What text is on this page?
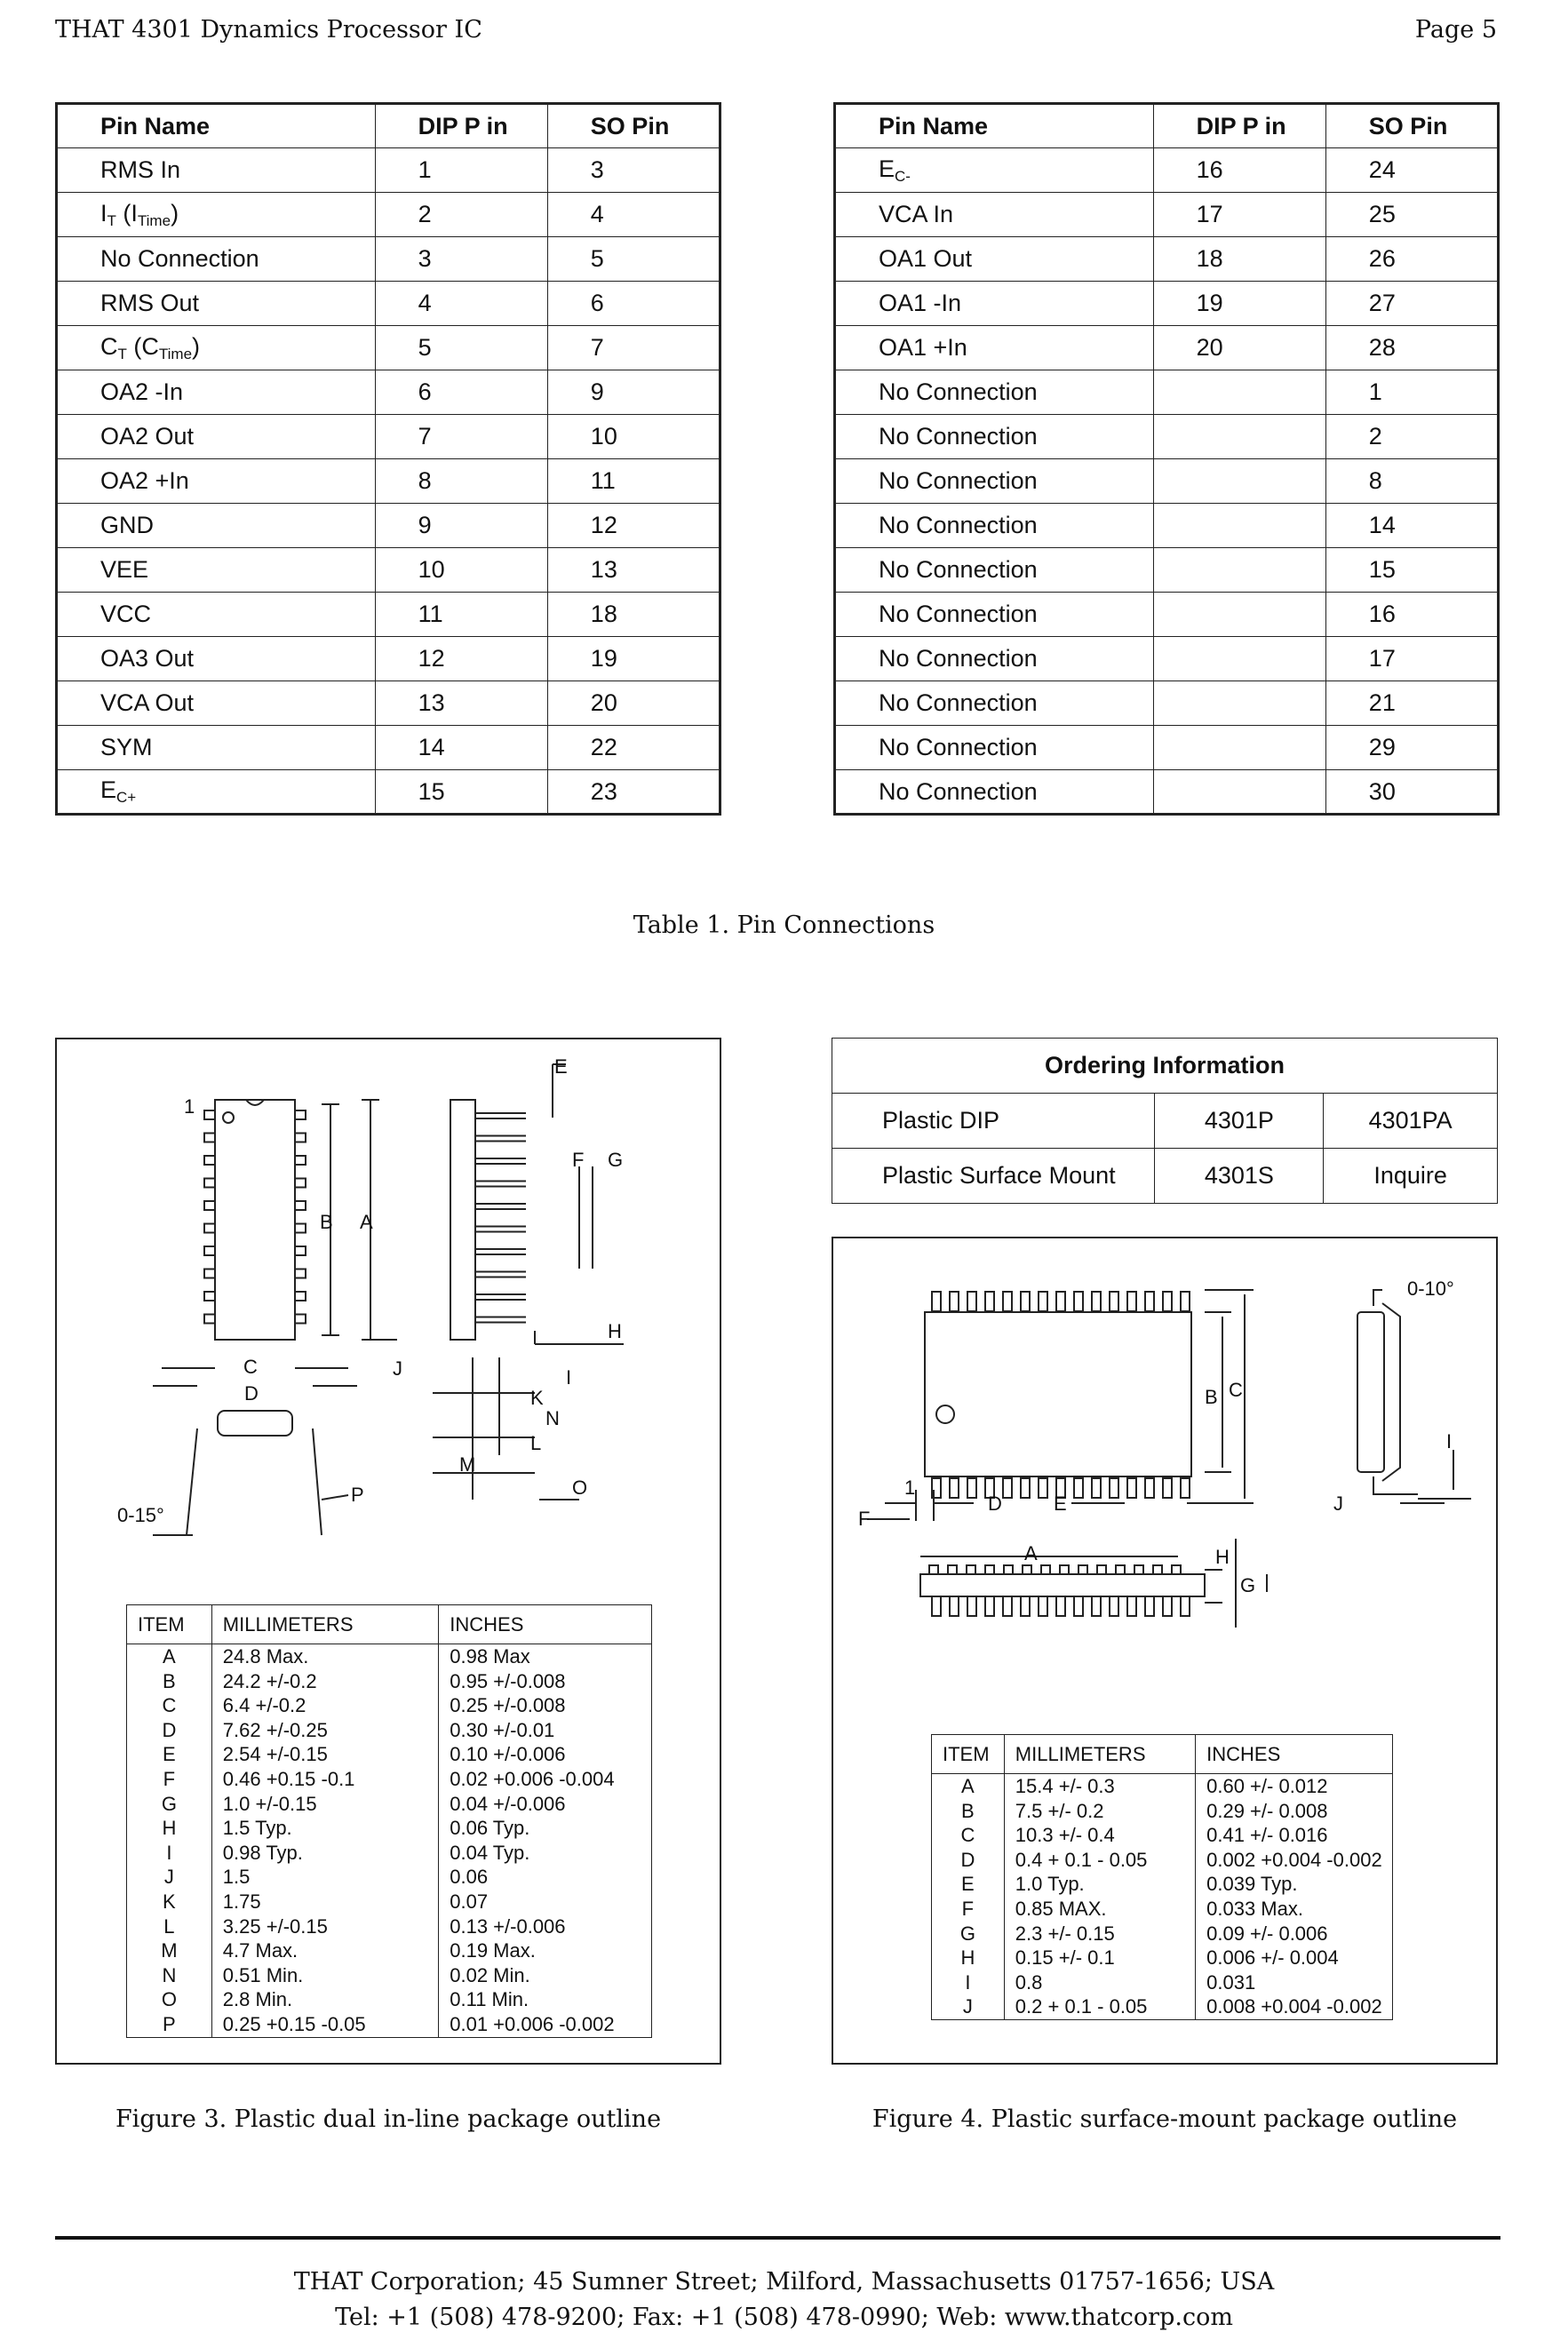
THAT 4301 Dynamics Processor IC	Page 5
Pin Name	DIP P in	SO Pin
RMS In	1	3
$I_T$ $(I_{Time})$	2	4
No Connection	3	5
RMS Out	4	6
$C_T$ $(C_{Time})$	5	7
OA2 -In	6	9
OA2 Out	7	10
OA2 +In	8	11
GND	9	12
VEE	10	13
VCC	11	18
OA3 Out	12	19
VCA Out	13	20
SYM	14	22
$E_{C+}$	15	23
Pin Name	DIP P in	SO Pin
$E_{C-}$	16	24
VCA In	17	25
OA1 Out	18	26
OA1 -In	19	27
OA1 +In	20	28
No Connection		1
No Connection		2
No Connection		8
No Connection		14
No Connection		15
No Connection		16
No Connection		17
No Connection		21
No Connection		29
No Connection		30
Table 1. Pin Connections
1
B A
E
F G
H
I
J
K
N
L
M
O
C
D
P
0-15°
ITEM	MILLIMETERS	INCHES
A	24.8 Max.	0.98 Max
B	24.2 +/-0.2	0.95 +/-0.008
C	6.4 +/-0.2	0.25 +/-0.008
D	7.62 +/-0.25	0.30 +/-0.01
E	2.54 +/-0.15	0.10 +/-0.006
F	0.46 +0.15 -0.1	0.02 +0.006 -0.004
G	1.0 +/-0.15	0.04 +/-0.006
H	1.5 Typ.	0.06 Typ.
I	0.98 Typ.	0.04 Typ.
J	1.5	0.06
K	1.75	0.07
L	3.25 +/-0.15	0.13 +/-0.006
M	4.7 Max.	0.19 Max.
N	0.51 Min.	0.02 Min.
O	2.8 Min.	0.11 Min.
P	0.25 +0.15 -0.05	0.01 +0.006 -0.002
Figure 3. Plastic dual in-line package outline
Ordering Information		
Plastic DIP	4301P	4301PA
Plastic Surface Mount	4301S	Inquire
1
B C
D	E
F
A	H
G
I
J
0-10°
ITEM	MILLIMETERS	INCHES
A	15.4 +/- 0.3	0.60 +/- 0.012
B	7.5 +/- 0.2	0.29 +/- 0.008
C	10.3 +/- 0.4	0.41 +/- 0.016
D	0.4 + 0.1 - 0.05	0.002 +0.004 -0.002
E	1.0 Typ.	0.039 Typ.
F	0.85 MAX.	0.033 Max.
G	2.3 +/- 0.15	0.09 +/- 0.006
H	0.15 +/- 0.1	0.006 +/- 0.004
I	0.8	0.031
J	0.2 + 0.1 - 0.05	0.008 +0.004 -0.002
Figure 4. Plastic surface-mount package outline
THAT Corporation; 45 Sumner Street; Milford, Massachusetts 01757-1656; USA
Tel: +1 (508) 478-9200; Fax: +1 (508) 478-0990; Web: www.thatcorp.com
